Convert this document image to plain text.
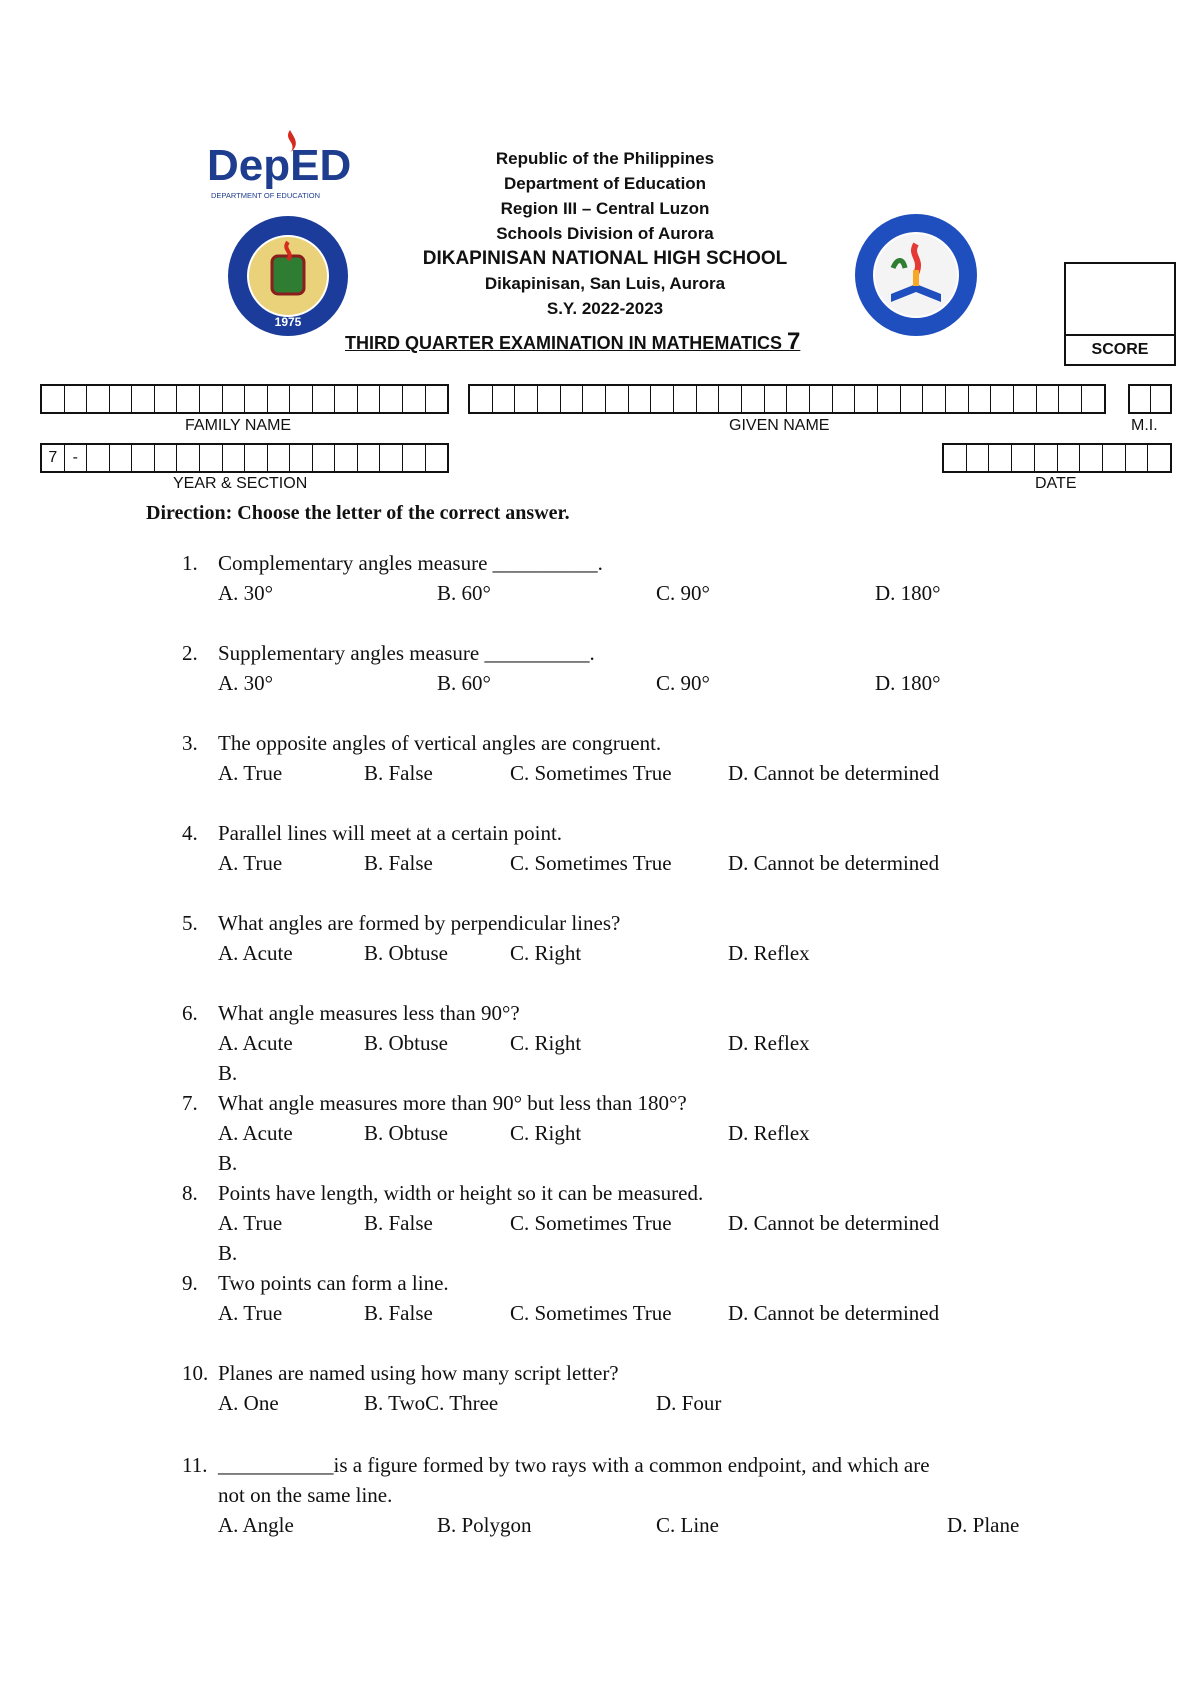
DepED
DEPARTMENT OF EDUCATION
1975
Republic of the Philippines
Department of Education
Region III – Central Luzon
Schools Division of Aurora
DIKAPINISAN NATIONAL HIGH SCHOOL
Dikapinisan, San Luis, Aurora
S.Y. 2022-2023
THIRD QUARTER EXAMINATION IN MATHEMATICS 7	SCORE
FAMILY NAME	GIVEN NAME	M.I.
7 -
YEAR & SECTION	DATE
Direction: Choose the letter of the correct answer.
1. Complementary angles measure __________.
A. 30°	B. 60°	C. 90°	D. 180°
2. Supplementary angles measure __________.
A. 30°	B. 60°	C. 90°	D. 180°
3. The opposite angles of vertical angles are congruent.
A. True	B. False	C. Sometimes True	D. Cannot be determined
4. Parallel lines will meet at a certain point.
A. True	B. False	C. Sometimes True	D. Cannot be determined
5. What angles are formed by perpendicular lines?
A. Acute	B. Obtuse	C. Right	D. Reflex
6. What angle measures less than 90°?
A. Acute	B. Obtuse	C. Right	D. Reflex
B.
7. What angle measures more than 90° but less than 180°?
A. Acute	B. Obtuse	C. Right	D. Reflex
B.
8. Points have length, width or height so it can be measured.
A. True	B. False	C. Sometimes True	D. Cannot be determined
B.
9. Two points can form a line.
A. True	B. False	C. Sometimes True	D. Cannot be determined
10. Planes are named using how many script letter?
A. One	B. TwoC. Three	D. Four
11. ___________is a figure formed by two rays with a common endpoint, and which are
not on the same line.
A. Angle	B. Polygon	C. Line	D. Plane
